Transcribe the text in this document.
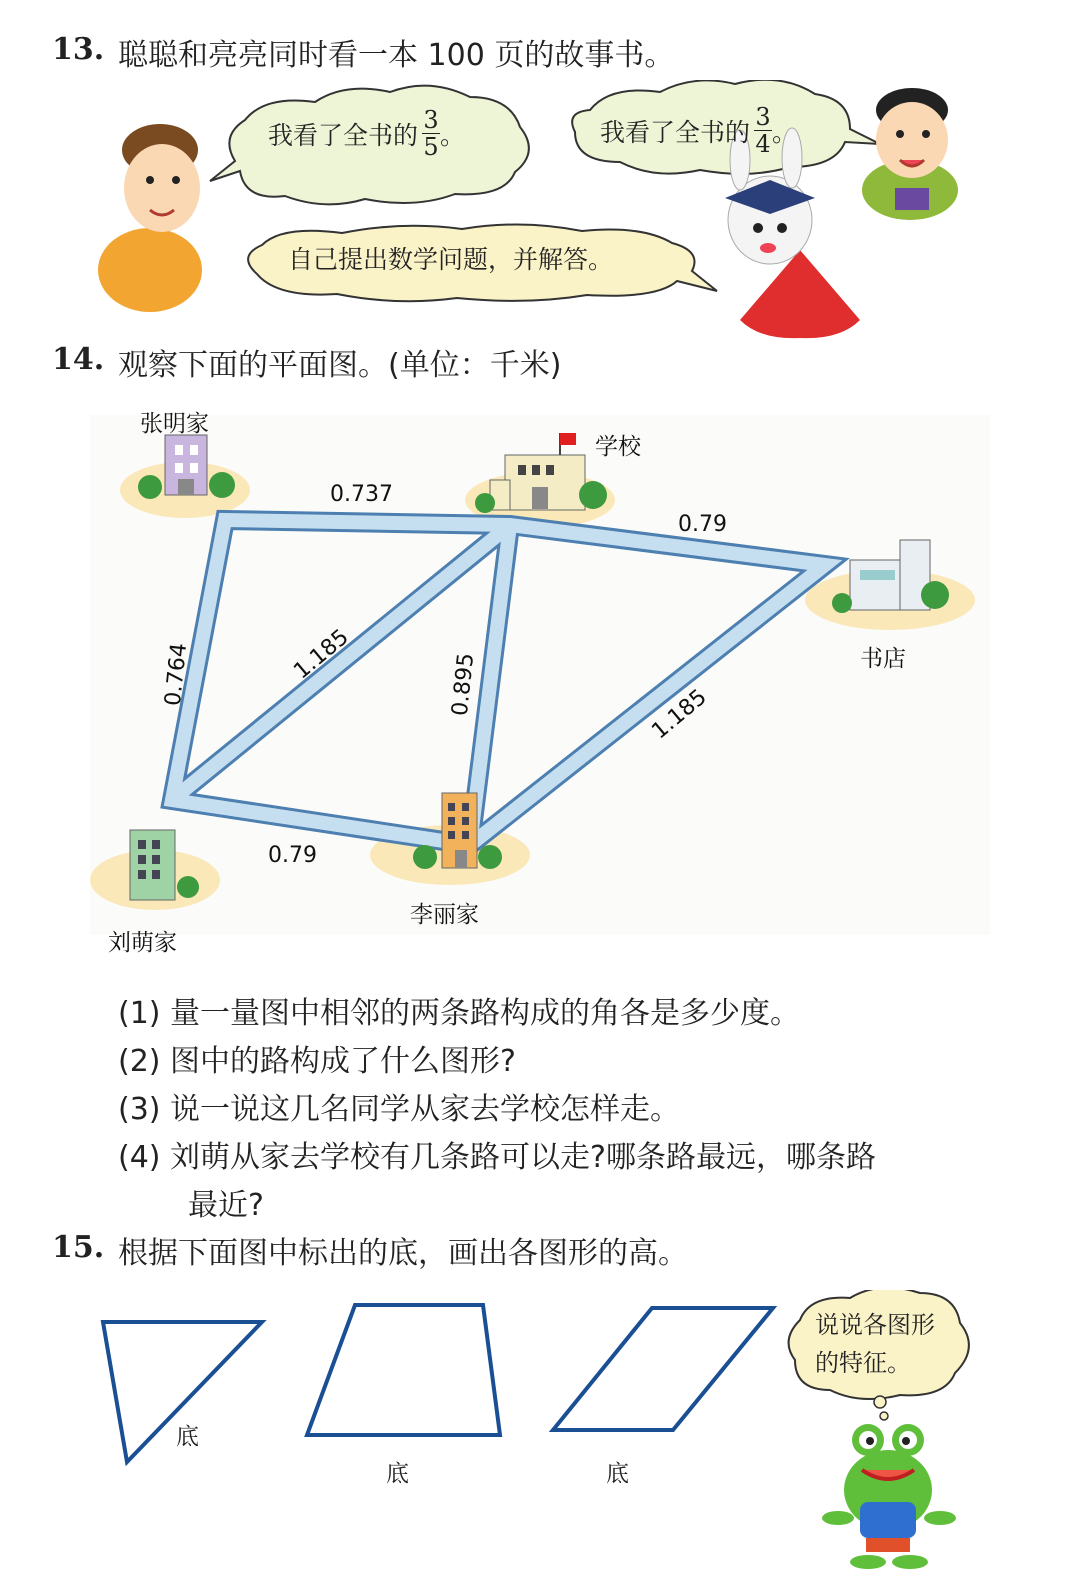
13. 聪聪和亮亮同时看一本 100 页的故事书。
我看了全书的 $\frac{3}{5}$ 。	我看了全书的 $\frac{3}{4}$ 。
自己提出数学问题，并解答。
14. 观察下面的平面图。(单位：千米)
张明家
学校
书店
刘萌家
李丽家
0.737
0.79
0.764	1.185	0.895	1.185
0.79
(1) 量一量图中相邻的两条路构成的角各是多少度。
(2) 图中的路构成了什么图形?
(3) 说一说这几名同学从家去学校怎样走。
(4) 刘萌从家去学校有几条路可以走?哪条路最远，哪条路
最近?
15. 根据下面图中标出的底，画出各图形的高。
底
底	底
说说各图形
的特征。
